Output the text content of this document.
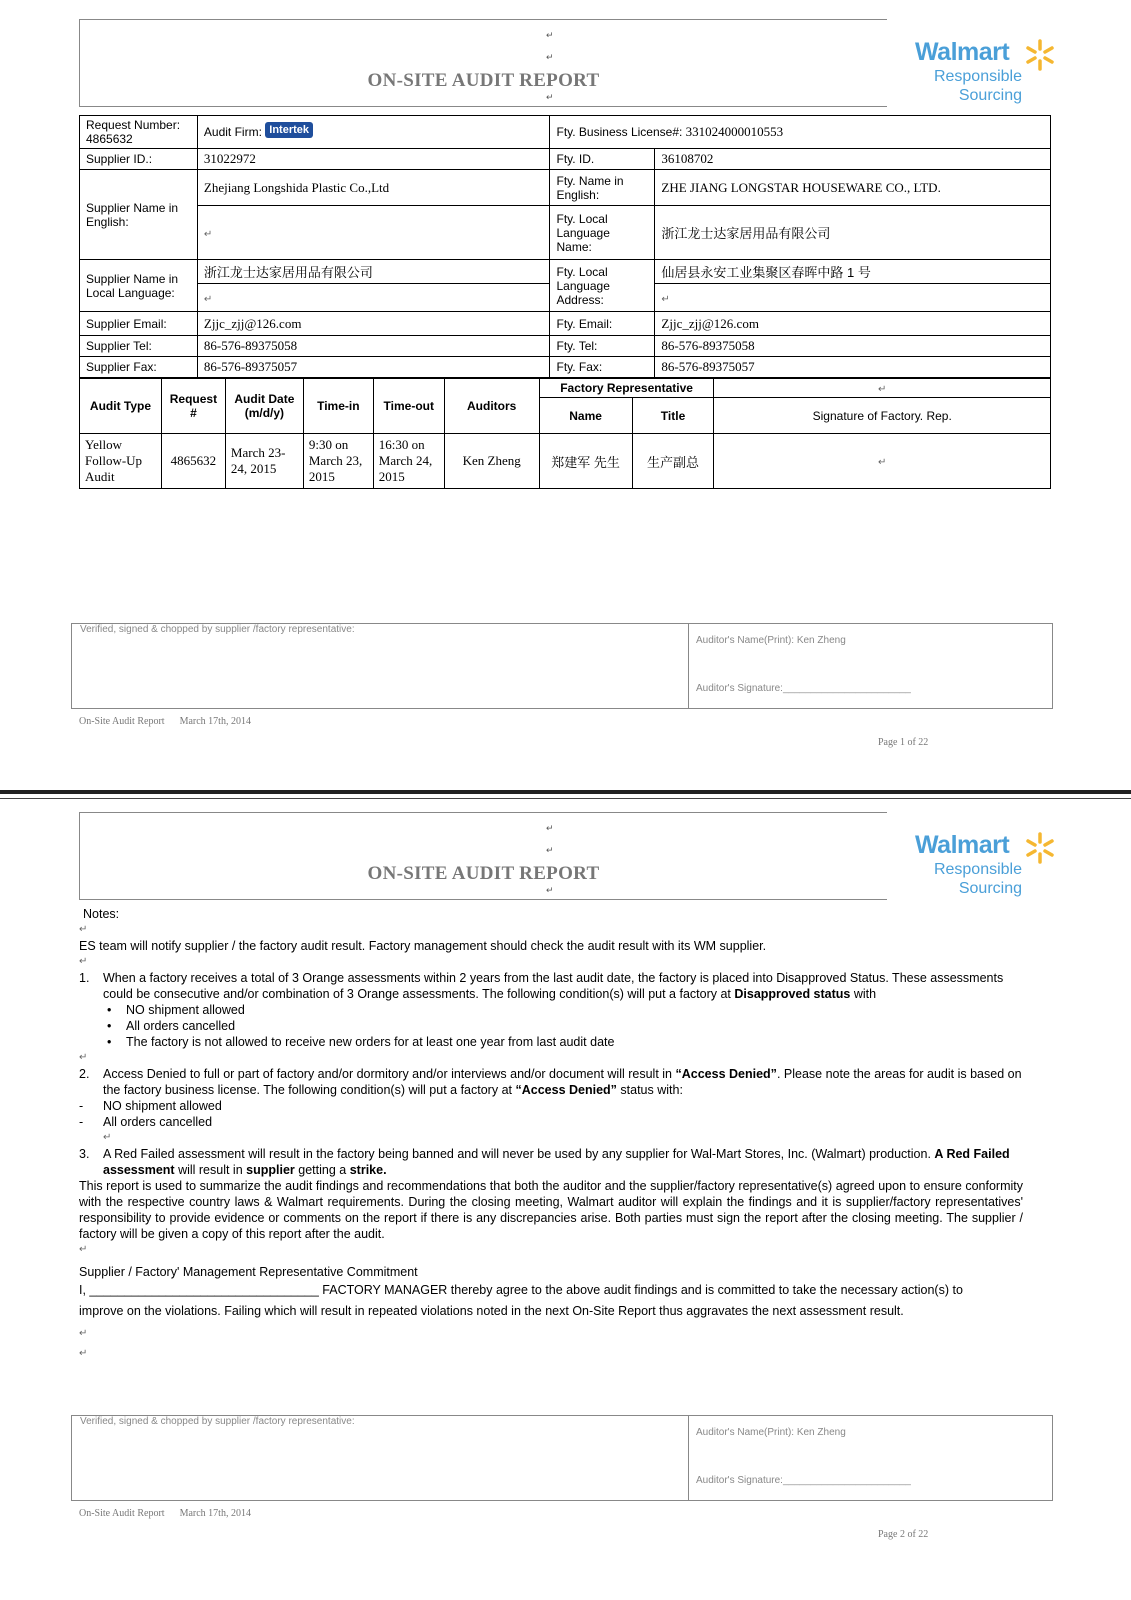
↵
↵
ON-SITE AUDIT REPORT
↵
Walmart
Responsible
Sourcing
Request Number: 4865632	Audit Firm: Intertek	Fty. Business License#: 331024000010553	
Supplier ID.:	31022972	Fty. ID.	36108702
Supplier Name in English:	Zhejiang Longshida Plastic Co.,Ltd	Fty. Name in English:	ZHE JIANG LONGSTAR HOUSEWARE CO., LTD.
	↵	Fty. Local Language Name:	浙江龙士达家居用品有限公司
Supplier Name in Local Language:	浙江龙士达家居用品有限公司	Fty. Local Language Address:	仙居县永安工业集聚区春晖中路 1 号
	↵		↵
Supplier Email:	Zjjc_zjj@126.com	Fty. Email:	Zjjc_zjj@126.com
Supplier Tel:	86-576-89375058	Fty. Tel:	86-576-89375058
Supplier Fax:	86-576-89375057	Fty. Fax:	86-576-89375057
Audit Type	Request #	Audit Date (m/d/y)	Time-in	Time-out	Auditors	Factory Representative		↵
						Name	Title	Signature of Factory. Rep.
Yellow Follow-Up Audit	4865632	March 23-24, 2015	9:30 on March 23, 2015	16:30 on March 24, 2015	Ken Zheng	郑建军 先生	生产副总	↵
Verified, signed & chopped by supplier /factory representative:
Auditor's Name(Print): Ken Zheng
Auditor's Signature:_______________________
On-Site Audit Report March 17th, 2014
Page 1 of 22
↵
↵
ON-SITE AUDIT REPORT
↵
Walmart
Responsible
Sourcing

Notes:

↵

ES team will notify supplier / the factory audit result. Factory management should check the audit result with its WM supplier.

↵

1. When a factory receives a total of 3 Orange assessments within 2 years from the last audit date, the factory is placed into Disapproved Status. These assessments could be consecutive and/or combination of 3 Orange assessments. The following condition(s) will put a factory at Disapproved status with
• NO shipment allowed
• All orders cancelled
• The factory is not allowed to receive new orders for at least one year from last audit date

↵

2. Access Denied to full or part of factory and/or dormitory and/or interviews and/or document will result in “Access Denied”. Please note the areas for audit is based on the factory business license. The following condition(s) will put a factory at “Access Denied” status with:
- NO shipment allowed
- All orders cancelled

↵

3. A Red Failed assessment will result in the factory being banned and will never be used by any supplier for Wal-Mart Stores, Inc. (Walmart) production. A Red Failed assessment will result in supplier getting a strike.

This report is used to summarize the audit findings and recommendations that both the auditor and the supplier/factory representative(s) agreed upon to ensure conformity with the respective country laws & Walmart requirements. During the closing meeting, Walmart auditor will explain the findings and it is supplier/factory representatives' responsibility to provide evidence or comments on the report if there is any discrepancies arise. Both parties must sign the report after the closing meeting. The supplier / factory will be given a copy of this report after the audit.

↵

Supplier / Factory' Management Representative Commitment

I, _________________________________ FACTORY MANAGER thereby agree to the above audit findings and is committed to take the necessary action(s) to

improve on the violations. Failing which will result in repeated violations noted in the next On-Site Report thus aggravates the next assessment result.

↵

↵

Verified, signed & chopped by supplier /factory representative:
Auditor's Name(Print): Ken Zheng
Auditor's Signature:_______________________
On-Site Audit Report March 17th, 2014
Page 2 of 22
